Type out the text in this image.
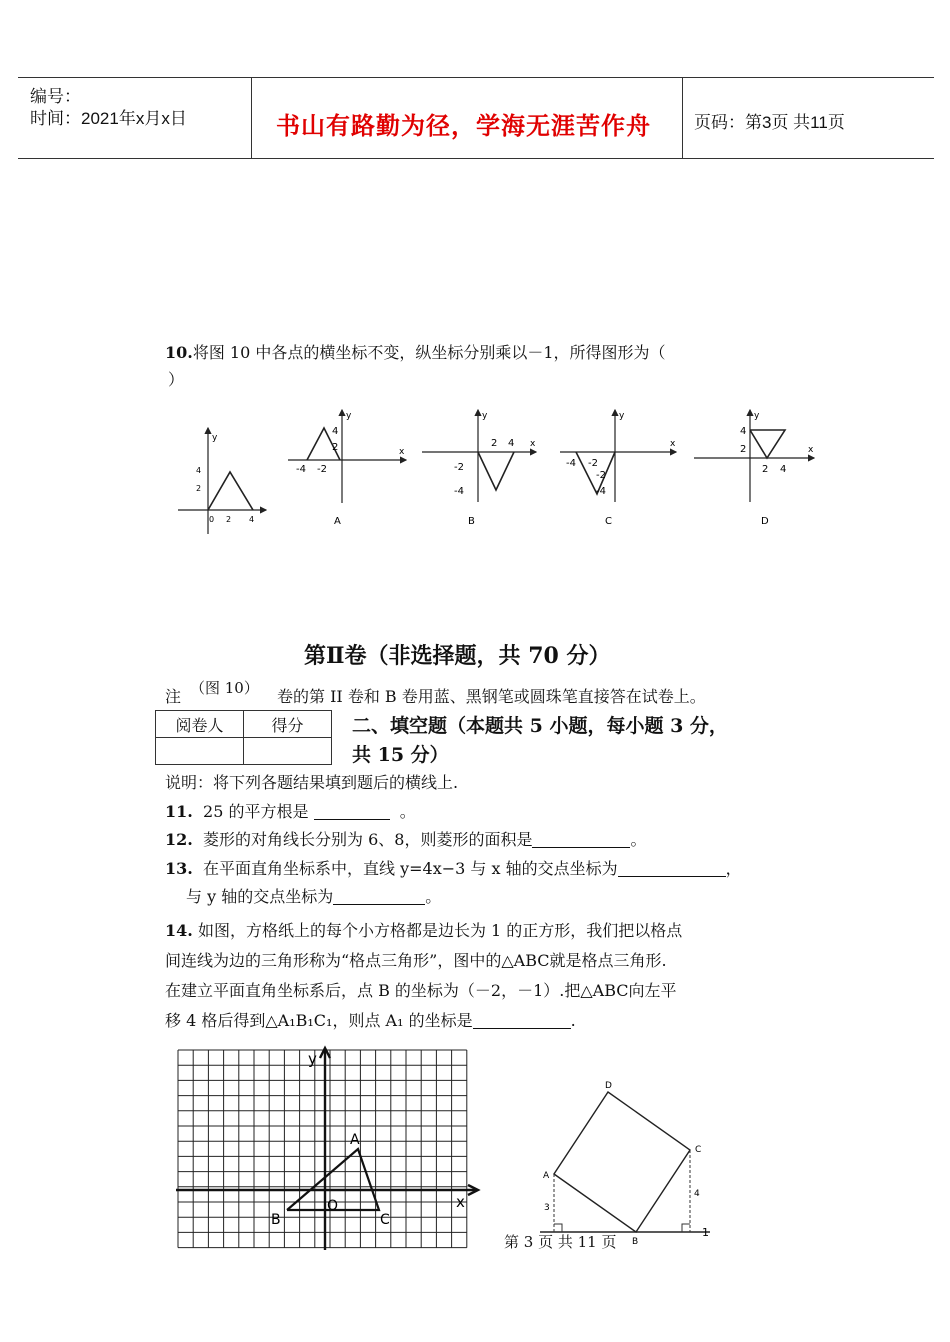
编号：
时间：2021年x月x日	书山有路勤为径，学海无涯苦作舟	页码：第3页 共11页
10.将图 10 中各点的横坐标不变，纵坐标分别乘以－1，所得图形为（
）
y
0 2 4
2
4
x
y
-4 -2
4
2	x
y
-2
-4
2 4	x
y
-4 -2
-2
-4
x
y
4
2
2 4
A	B	C	D
第Ⅱ卷（非选择题，共 70 分）
注 （图 10） 卷的第 II 卷和 B 卷用蓝、黑钢笔或圆珠笔直接答在试卷上。
阅卷人	得分
		二、填空题（本题共 5 小题，每小题 3 分，
共 15 分）
说明：将下列各题结果填到题后的横线上.
11. 25 的平方根是	。
12. 菱形的对角线长分别为 6、8，则菱形的面积是	。
13. 在平面直角坐标系中，直线 y=4x−3 与 x 轴的交点坐标为	，
与 y 轴的交点坐标为	。
14. 如图，方格纸上的每个小方格都是边长为 1 的正方形，我们把以格点
间连线为边的三角形称为“格点三角形”，图中的△ABC就是格点三角形.
在建立平面直角坐标系后，点 B 的坐标为（－2，－1）.把△ABC向左平
移 4 格后得到△A₁B₁C₁，则点 A₁ 的坐标是	.
x
y
O
A
B	C
A
B
C
D
3
4
1
第 3 页 共 11 页
